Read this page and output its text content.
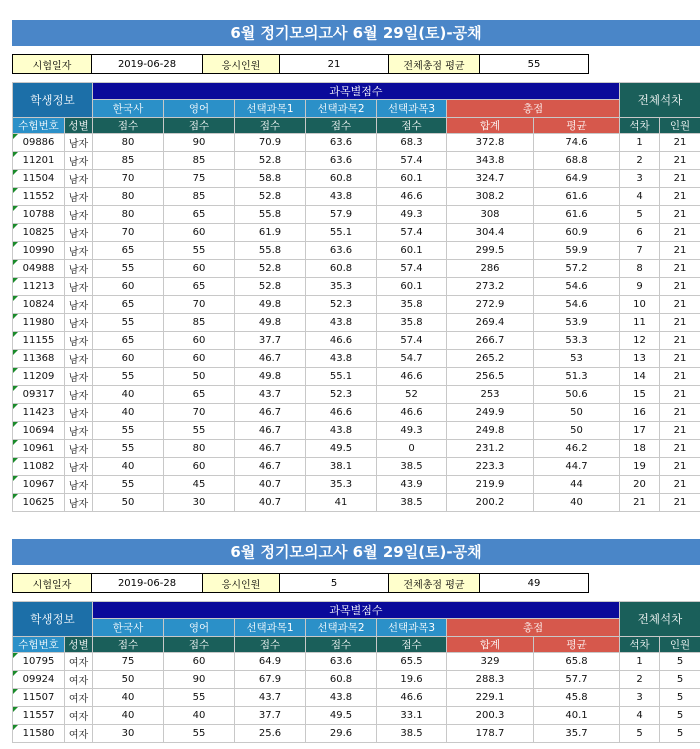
6월 정기모의고사 6월 29일(토)-공채
시험일자	2019-06-28	응시인원	21	전체총점 평균	55
학생정보		과목별점수							전체석차	
		한국사	영어	선택과목1	선택과목2	선택과목3	총점			
수험번호	성별	점수	점수	점수	점수	점수	합계	평균	석차	인원
09886	남자	80	90	70.9	63.6	68.3	372.8	74.6	1	21
11201	남자	85	85	52.8	63.6	57.4	343.8	68.8	2	21
11504	남자	70	75	58.8	60.8	60.1	324.7	64.9	3	21
11552	남자	80	85	52.8	43.8	46.6	308.2	61.6	4	21
10788	남자	80	65	55.8	57.9	49.3	308	61.6	5	21
10825	남자	70	60	61.9	55.1	57.4	304.4	60.9	6	21
10990	남자	65	55	55.8	63.6	60.1	299.5	59.9	7	21
04988	남자	55	60	52.8	60.8	57.4	286	57.2	8	21
11213	남자	60	65	52.8	35.3	60.1	273.2	54.6	9	21
10824	남자	65	70	49.8	52.3	35.8	272.9	54.6	10	21
11980	남자	55	85	49.8	43.8	35.8	269.4	53.9	11	21
11155	남자	65	60	37.7	46.6	57.4	266.7	53.3	12	21
11368	남자	60	60	46.7	43.8	54.7	265.2	53	13	21
11209	남자	55	50	49.8	55.1	46.6	256.5	51.3	14	21
09317	남자	40	65	43.7	52.3	52	253	50.6	15	21
11423	남자	40	70	46.7	46.6	46.6	249.9	50	16	21
10694	남자	55	55	46.7	43.8	49.3	249.8	50	17	21
10961	남자	55	80	46.7	49.5	0	231.2	46.2	18	21
11082	남자	40	60	46.7	38.1	38.5	223.3	44.7	19	21
10967	남자	55	45	40.7	35.3	43.9	219.9	44	20	21
10625	남자	50	30	40.7	41	38.5	200.2	40	21	21
6월 정기모의고사 6월 29일(토)-공채
시험일자	2019-06-28	응시인원	5	전체총점 평균	49
학생정보		과목별점수							전체석차	
		한국사	영어	선택과목1	선택과목2	선택과목3	총점			
수험번호	성별	점수	점수	점수	점수	점수	합계	평균	석차	인원
10795	여자	75	60	64.9	63.6	65.5	329	65.8	1	5
09924	여자	50	90	67.9	60.8	19.6	288.3	57.7	2	5
11507	여자	40	55	43.7	43.8	46.6	229.1	45.8	3	5
11557	여자	40	40	37.7	49.5	33.1	200.3	40.1	4	5
11580	여자	30	55	25.6	29.6	38.5	178.7	35.7	5	5
